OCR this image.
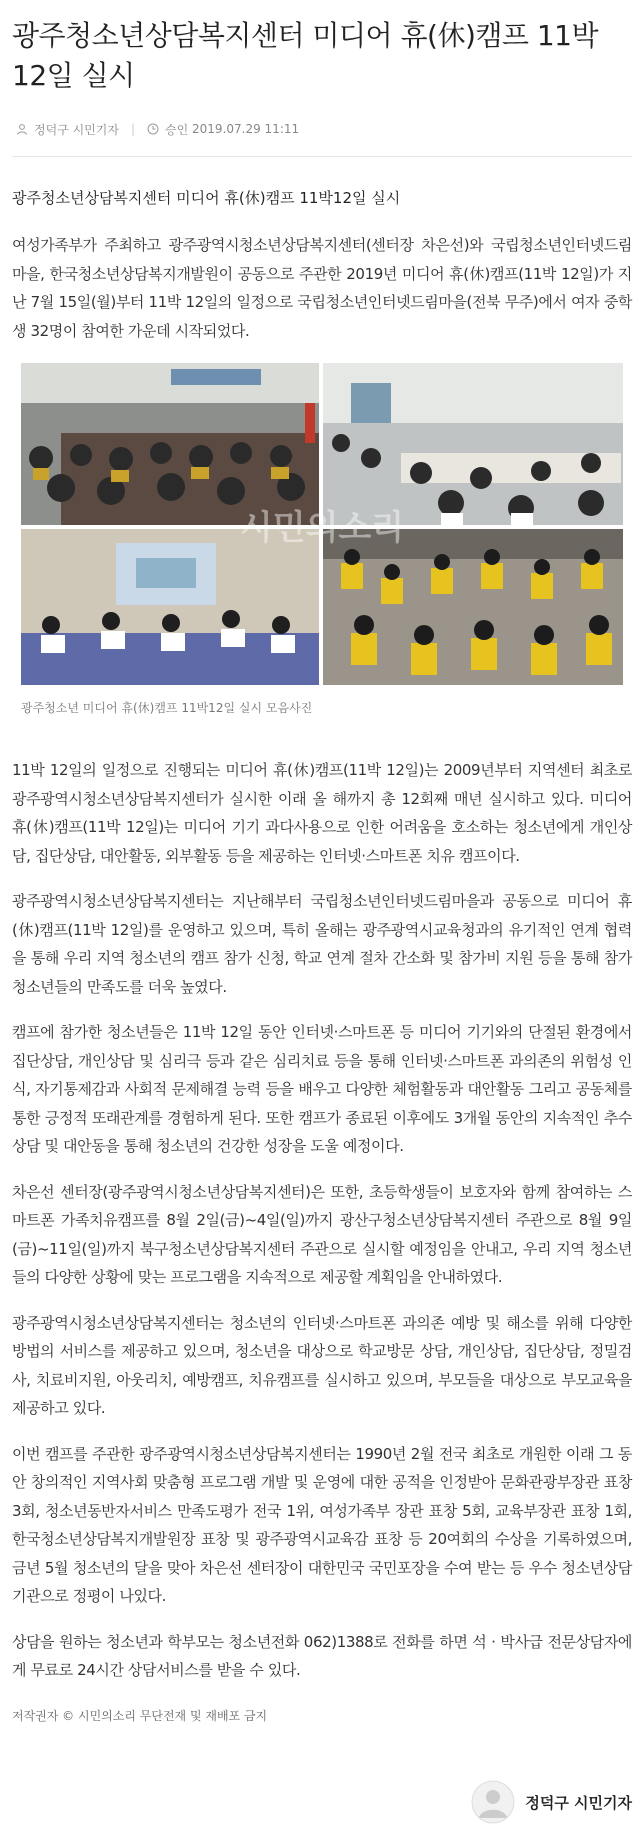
광주청소년상담복지센터 미디어 휴(休)캠프 11박12일 실시
정덕구 시민기자 |	승인
2019.07.29 11:11

광주청소년상담복지센터 미디어 휴(休)캠프 11박12일 실시

여성가족부가 주최하고 광주광역시청소년상담복지센터(센터장 차은선)와 국립청소년인터넷드림마을, 한국청소년상담복지개발원이 공동으로 주관한 2019년 미디어 휴(休)캠프(11박 12일)가 지난 7월 15일(월)부터 11박 12일의 일정으로 국립청소년인터넷드림마을(전북 무주)에서 여자 중학생 32명이 참여한 가운데 시작되었다.

시민의소리
광주청소년 미디어 휴(休)캠프 11박12일 실시 모음사진

11박 12일의 일정으로 진행되는 미디어 휴(休)캠프(11박 12일)는 2009년부터 지역센터 최초로 광주광역시청소년상담복지센터가 실시한 이래 올 해까지 총 12회째 매년 실시하고 있다. 미디어 휴(休)캠프(11박 12일)는 미디어 기기 과다사용으로 인한 어려움을 호소하는 청소년에게 개인상담, 집단상담, 대안활동, 외부활동 등을 제공하는 인터넷·스마트폰 치유 캠프이다.

광주광역시청소년상담복지센터는 지난해부터 국립청소년인터넷드림마을과 공동으로 미디어 휴(休)캠프(11박 12일)를 운영하고 있으며, 특히 올해는 광주광역시교육청과의 유기적인 연계 협력을 통해 우리 지역 청소년의 캠프 참가 신청, 학교 연계 절차 간소화 및 참가비 지원 등을 통해 참가 청소년들의 만족도를 더욱 높였다.

캠프에 참가한 청소년들은 11박 12일 동안 인터넷·스마트폰 등 미디어 기기와의 단절된 환경에서 집단상담, 개인상담 및 심리극 등과 같은 심리치료 등을 통해 인터넷·스마트폰 과의존의 위험성 인식, 자기통제감과 사회적 문제해결 능력 등을 배우고 다양한 체험활동과 대안활동 그리고 공동체를 통한 긍정적 또래관계를 경험하게 된다. 또한 캠프가 종료된 이후에도 3개월 동안의 지속적인 추수 상담 및 대안동을 통해 청소년의 건강한 성장을 도울 예정이다.

차은선 센터장(광주광역시청소년상담복지센터)은 또한, 초등학생들이 보호자와 함께 참여하는 스마트폰 가족치유캠프를 8월 2일(금)~4일(일)까지 광산구청소년상담복지센터 주관으로 8월 9일(금)~11일(일)까지 북구청소년상담복지센터 주관으로 실시할 예정임을 안내고, 우리 지역 청소년들의 다양한 상황에 맞는 프로그램을 지속적으로 제공할 계획임을 안내하였다.

광주광역시청소년상담복지센터는 청소년의 인터넷·스마트폰 과의존 예방 및 해소를 위해 다양한 방법의 서비스를 제공하고 있으며, 청소년을 대상으로 학교방문 상담, 개인상담, 집단상담, 정밀검사, 치료비지원, 아웃리치, 예방캠프, 치유캠프를 실시하고 있으며, 부모들을 대상으로 부모교육을 제공하고 있다.

이번 캠프를 주관한 광주광역시청소년상담복지센터는 1990년 2월 전국 최초로 개원한 이래 그 동안 창의적인 지역사회 맞춤형 프로그램 개발 및 운영에 대한 공적을 인정받아 문화관광부장관 표창 3회, 청소년동반자서비스 만족도평가 전국 1위, 여성가족부 장관 표창 5회, 교육부장관 표창 1회, 한국청소년상담복지개발원장 표창 및 광주광역시교육감 표창 등 20여회의 수상을 기록하였으며, 금년 5월 청소년의 달을 맞아 차은선 센터장이 대한민국 국민포장을 수여 받는 등 우수 청소년상담기관으로 정평이 나있다.

상담을 원하는 청소년과 학부모는 청소년전화 062)1388로 전화를 하면 석 · 박사급 전문상담자에게 무료로 24시간 상담서비스를 받을 수 있다.

저작권자 © 시민의소리 무단전재 및 재배포 금지

정덕구 시민기자
